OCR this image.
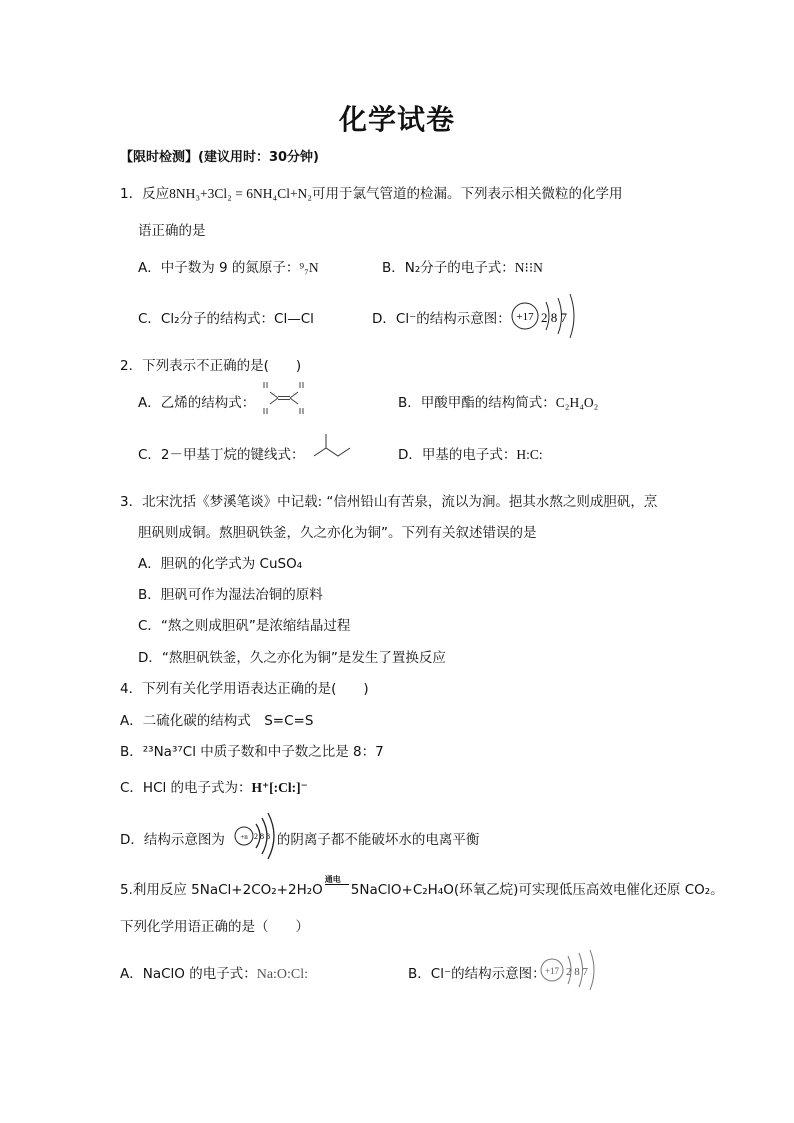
化学试卷
【限时检测】(建议用时：30分钟)
1．反应8NH₃+3Cl₂ = 6NH₄Cl+N₂可用于氯气管道的检漏。下列表示相关微粒的化学用
语正确的是
A．中子数为 9 的氮原子：⁹₇N	B．N₂分子的电子式：N⁝⁝N
C．Cl₂分子的结构式：Cl—Cl	D．Cl⁻的结构示意图： +17 2 8 7
2．下列表示不正确的是(　　)
A．乙烯的结构式：	B．甲酸甲酯的结构简式：C₂H₄O₂
C．2－甲基丁烷的键线式：	D．甲基的电子式：H:C:
3．北宋沈括《梦溪笔谈》中记载: “信州铅山有苦泉，流以为涧。挹其水熬之则成胆矾，烹
胆矾则成铜。熬胆矾铁釜，久之亦化为铜”。下列有关叙述错误的是
A．胆矾的化学式为 CuSO₄
B．胆矾可作为湿法冶铜的原料
C．“熬之则成胆矾”是浓缩结晶过程
D．“熬胆矾铁釜，久之亦化为铜”是发生了置换反应
4．下列有关化学用语表达正确的是(　　)
A．二硫化碳的结构式　S=C=S
B．²³Na³⁷Cl 中质子数和中子数之比是 8：7
C．HCl 的电子式为：H⁺[:Cl:]⁻
D．结构示意图为	的阴离子都不能破坏水的电离平衡
+n 2 8 8
5.利用反应 5NaCl+2CO₂+2H₂O
通电
5NaClO+C₂H₄O(环氧乙烷)可实现低压高效电催化还原 CO₂。
下列化学用语正确的是（　　）
A．NaClO 的电子式：Na:O:Cl:	B．Cl⁻的结构示意图： +17 2 8 7
